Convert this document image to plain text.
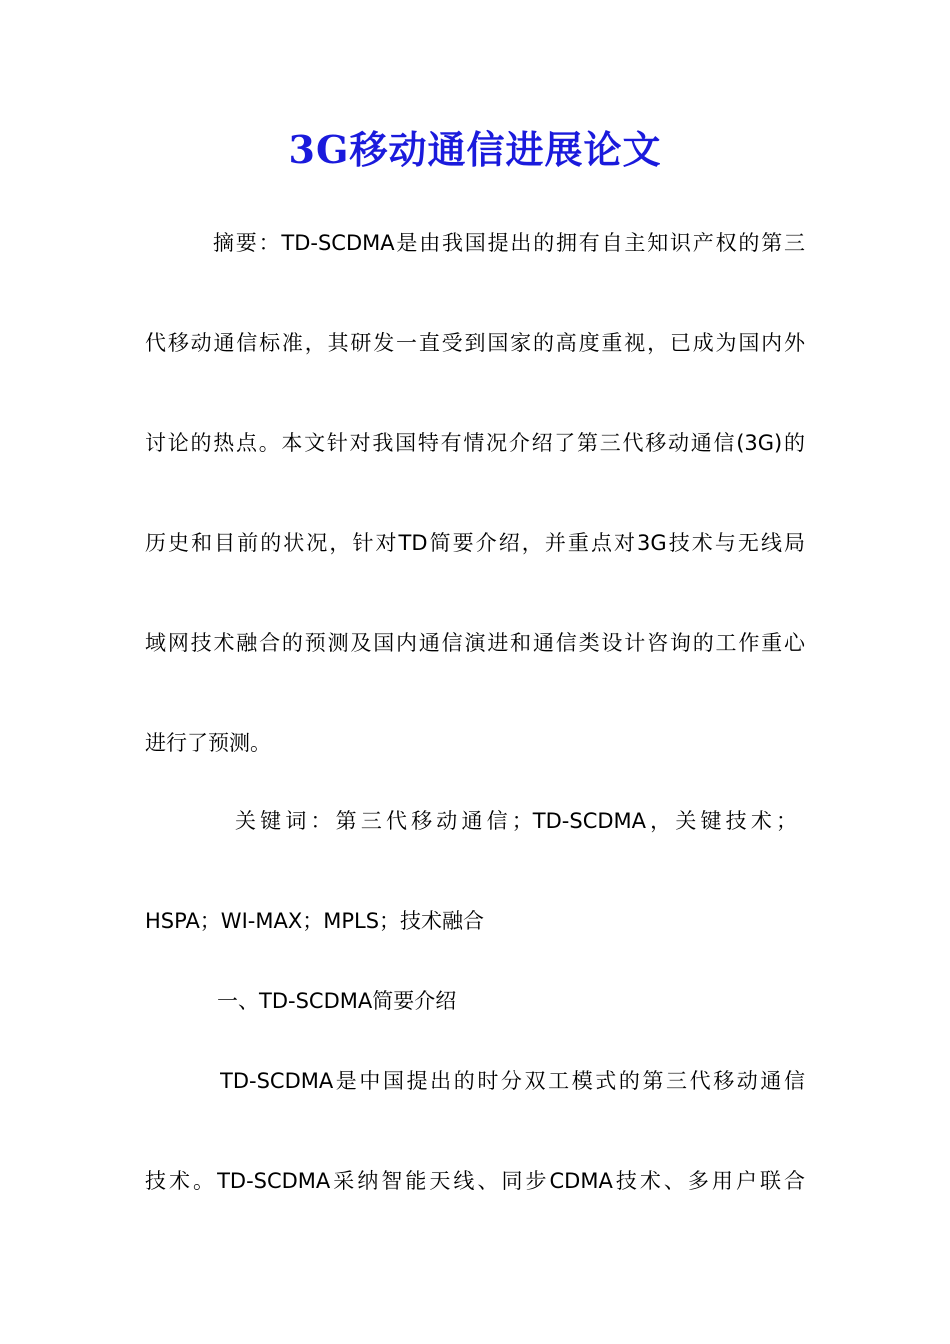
3G移动通信进展论文
摘要：TD-SCDMA是由我国提出的拥有自主知识产权的第三
代移动通信标准，其研发一直受到国家的高度重视，已成为国内外
讨论的热点。本文针对我国特有情况介绍了第三代移动通信(3G)的
历史和目前的状况，针对TD简要介绍，并重点对3G技术与无线局
域网技术融合的预测及国内通信演进和通信类设计咨询的工作重心
进行了预测。
关键词：第三代移动通信；TD-SCDMA，关键技术；
HSPA；WI-MAX；MPLS；技术融合
一、TD-SCDMA简要介绍
TD-SCDMA是中国提出的时分双工模式的第三代移动通信
技术。TD-SCDMA采纳智能天线、同步CDMA技术、多用户联合
